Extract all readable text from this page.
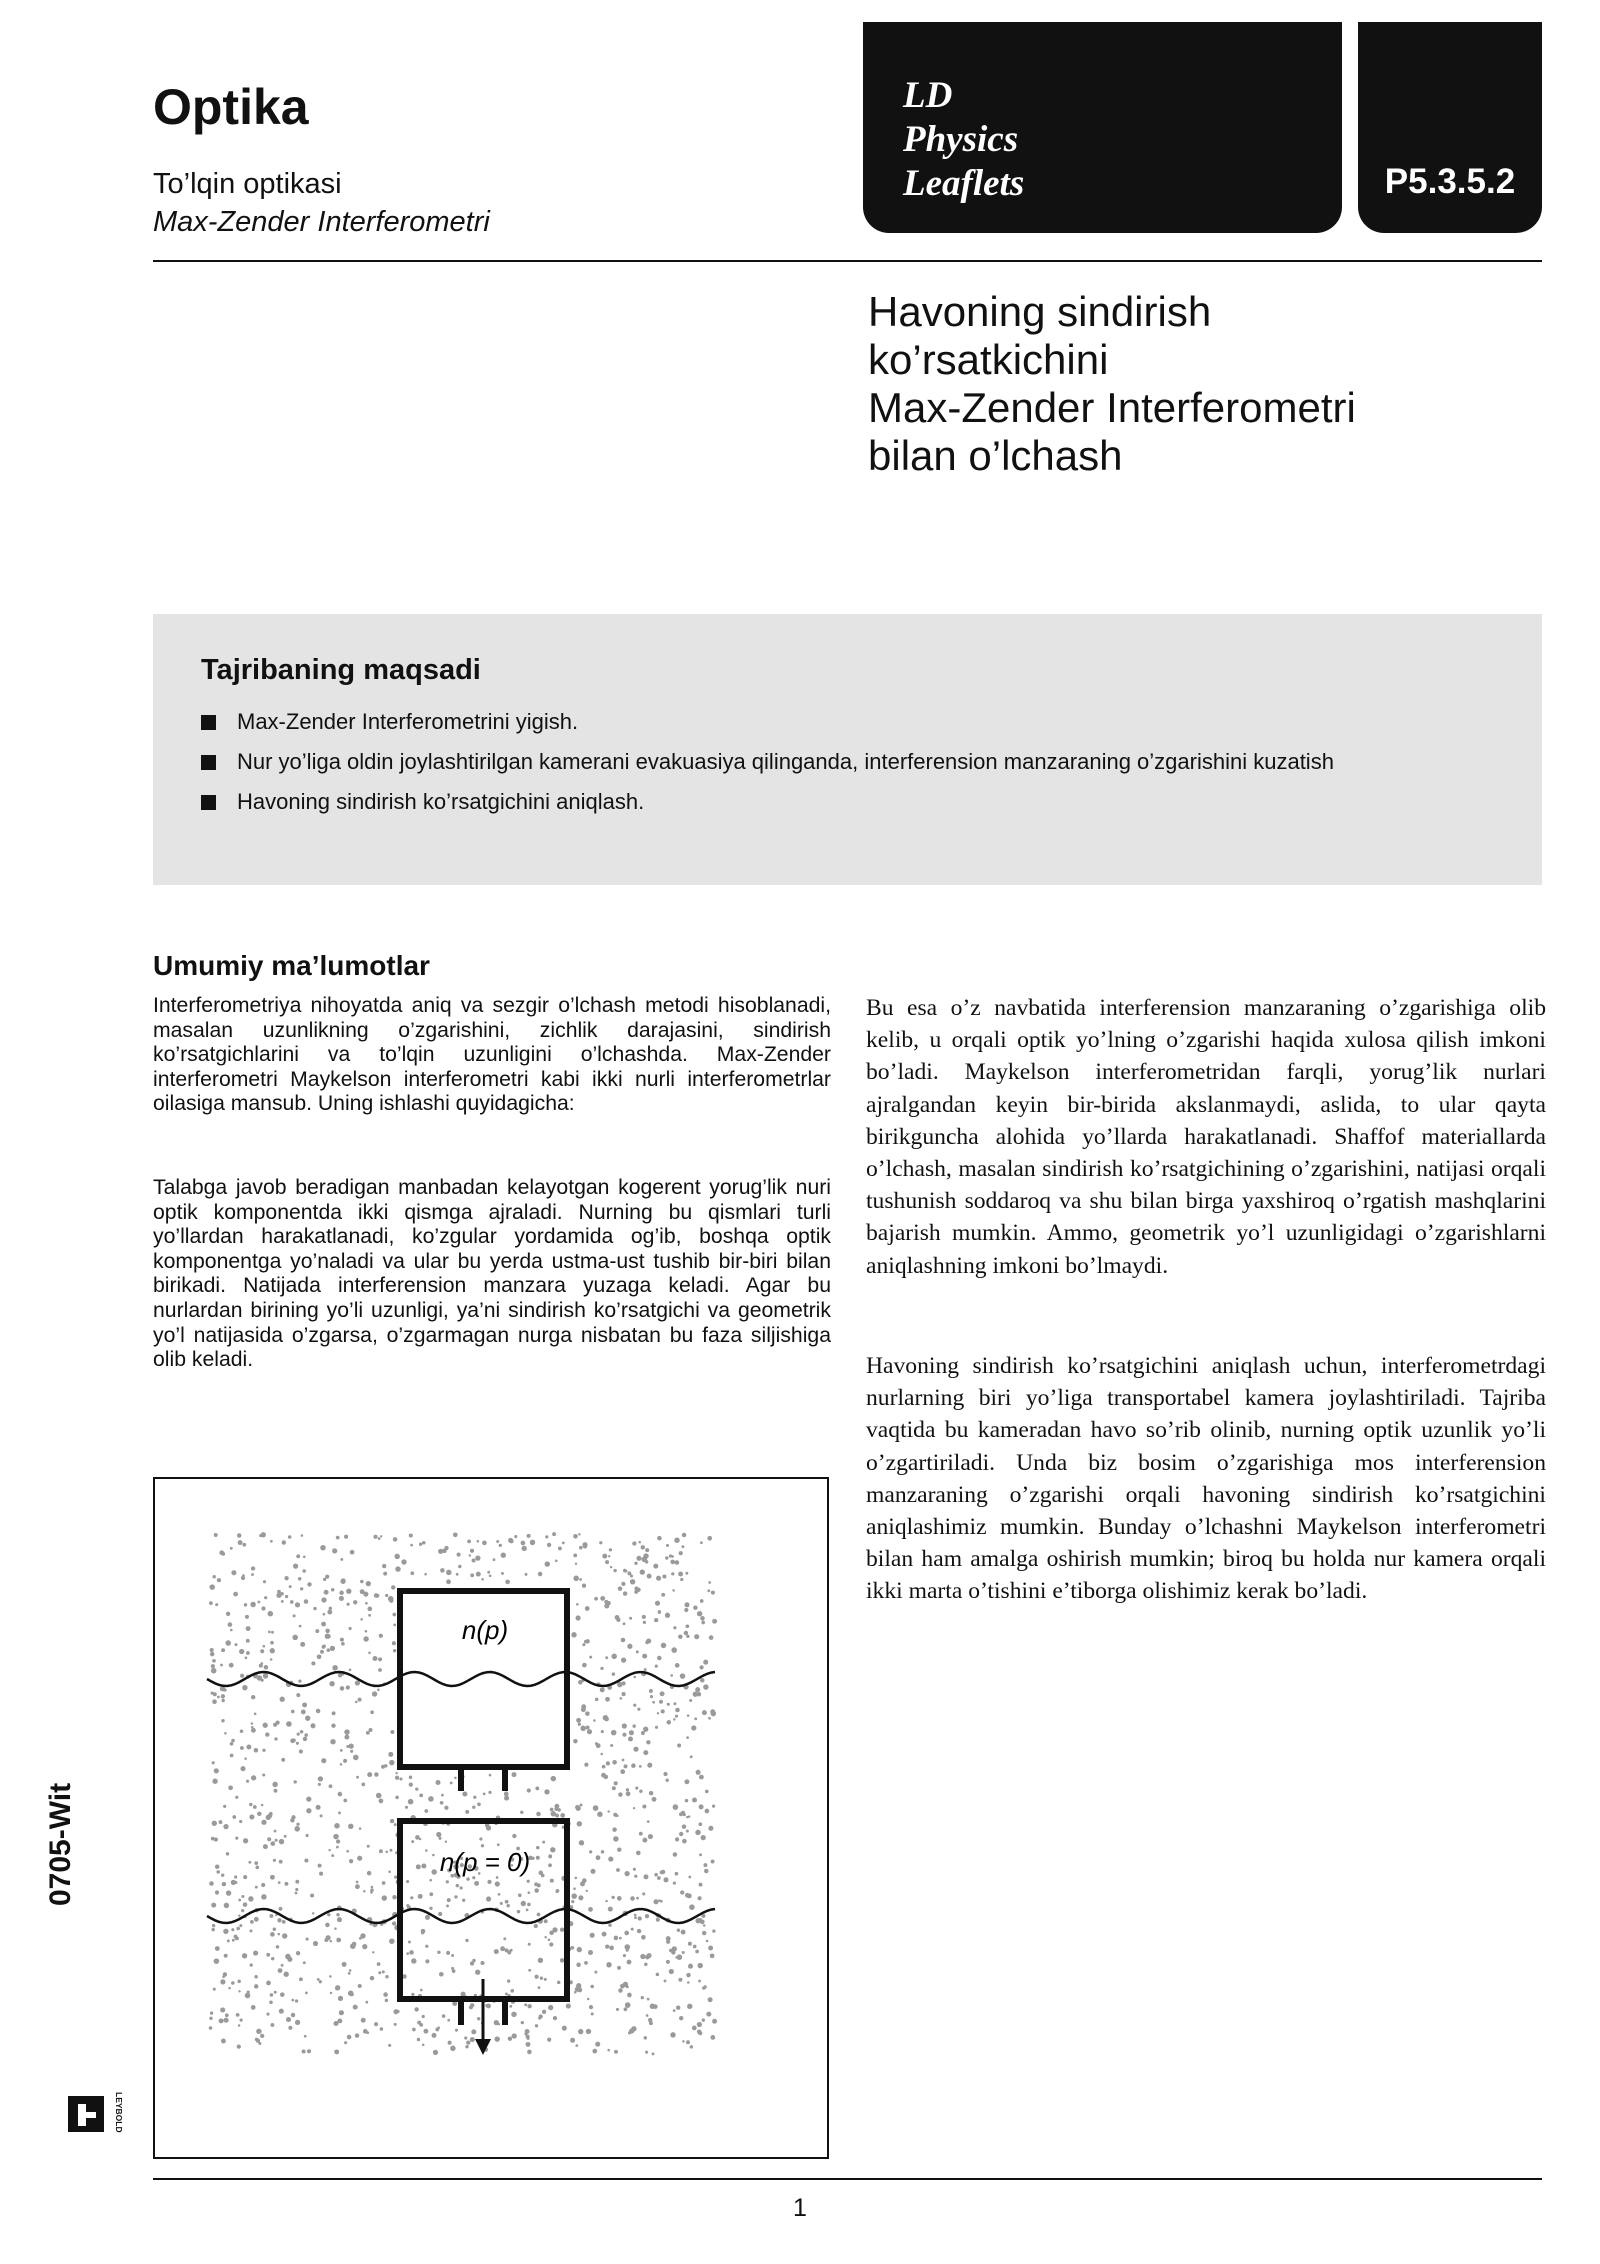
Optika
To’lqin optikasi
Max-Zender Interferometri
LD
Physics
Leaflets	P5.3.5.2
Havoning sindirish
ko’rsatkichini
Max-Zender Interferometri
bilan o’lchash
Tajribaning maqsadi
Max-Zender Interferometrini yigish.
Nur yo’liga oldin joylashtirilgan kamerani evakuasiya qilinganda, interferension manzaraning o’zgarishini kuzatish
Havoning sindirish ko’rsatgichini aniqlash.
Umumiy ma’lumotlar
Interferometriya nihoyatda aniq va sezgir o’lchash metodi hisoblanadi, masalan uzunlikning o’zgarishini, zichlik darajasini, sindirish ko’rsatgichlarini va to’lqin uzunligini o’lchashda. Max-Zender interferometri Maykelson interferometri kabi ikki nurli interferometrlar oilasiga mansub. Uning ishlashi quyidagicha:
Talabga javob beradigan manbadan kelayotgan kogerent yorug’lik nuri optik komponentda ikki qismga ajraladi. Nurning bu qismlari turli yo’llardan harakatlanadi, ko’zgular yordamida og’ib, boshqa optik komponentga yo’naladi va ular bu yerda ustma-ust tushib bir-biri bilan birikadi. Natijada interferension manzara yuzaga keladi. Agar bu nurlardan birining yo’li uzunligi, ya’ni sindirish ko’rsatgichi va geometrik yo’l natijasida o’zgarsa, o’zgarmagan nurga nisbatan bu faza siljishiga olib keladi.
Bu esa o’z navbatida interferension manzaraning o’zgarishiga olib kelib, u orqali optik yo’lning o’zgarishi haqida xulosa qilish imkoni bo’ladi. Maykelson interferometridan farqli, yorug’lik nurlari ajralgandan keyin bir-birida akslanmaydi, aslida, to ular qayta birikguncha alohida yo’llarda harakatlanadi. Shaffof materiallarda o’lchash, masalan sindirish ko’rsatgichining o’zgarishini, natijasi orqali tushunish soddaroq va shu bilan birga yaxshiroq o’rgatish mashqlarini bajarish mumkin. Ammo, geometrik yo’l uzunligidagi o’zgarishlarni aniqlashning imkoni bo’lmaydi.
Havoning sindirish ko’rsatgichini aniqlash uchun, interferometrdagi nurlarning biri yo’liga transportabel kamera joylashtiriladi. Tajriba vaqtida bu kameradan havo so’rib olinib, nurning optik uzunlik yo’li o’zgartiriladi. Unda biz bosim o’zgarishiga mos interferension manzaraning o’zgarishi orqali havoning sindirish ko’rsatgichini aniqlashimiz mumkin. Bunday o’lchashni Maykelson interferometri bilan ham amalga oshirish mumkin; biroq bu holda nur kamera orqali ikki marta o’tishini e’tiborga olishimiz kerak bo’ladi.
n(p)
n(p = 0)
0705-Wit
LEYBOLD
1
